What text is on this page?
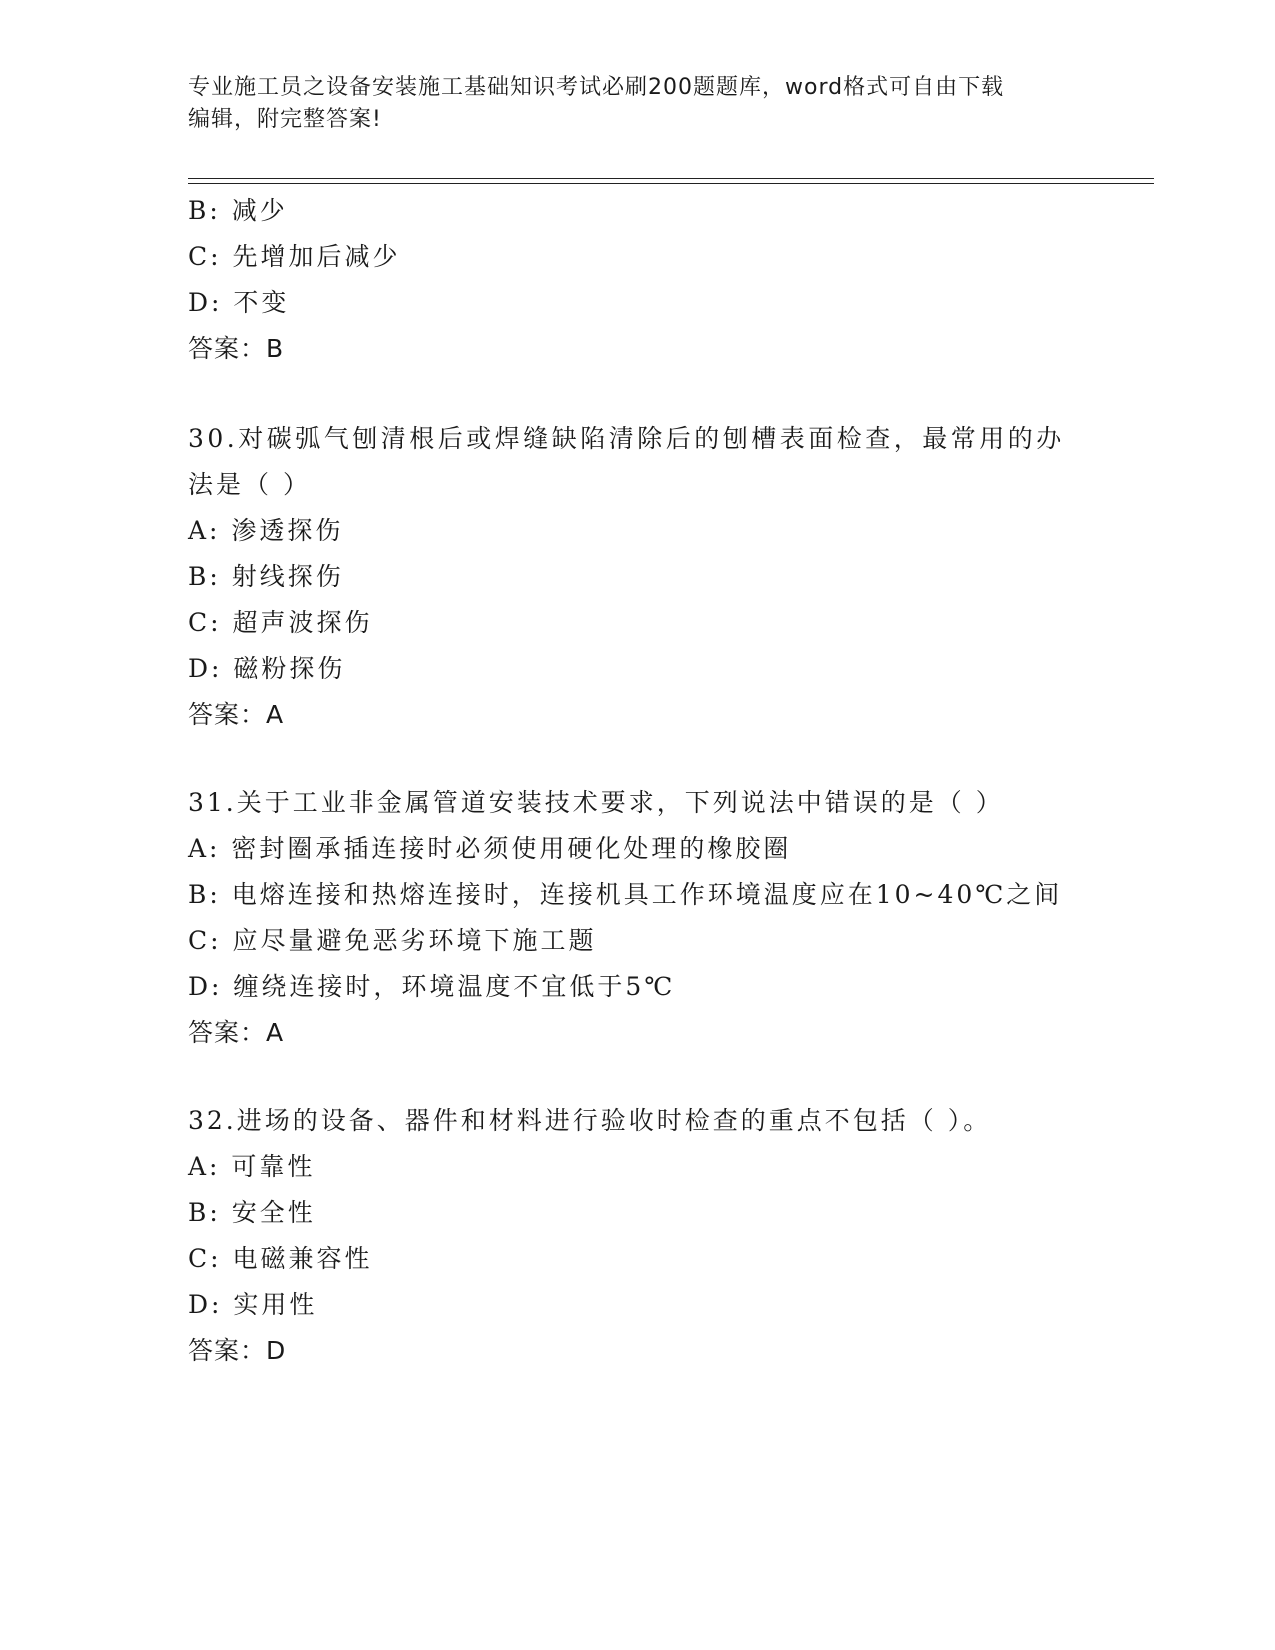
专业施工员之设备安装施工基础知识考试必刷200题题库，word格式可自由下载
编辑，附完整答案!
B: 减少
C: 先增加后减少
D: 不变
答案：B
30.对碳弧气刨清根后或焊缝缺陷清除后的刨槽表面检查，最常用的办
法是（ ）
A: 渗透探伤
B: 射线探伤
C: 超声波探伤
D: 磁粉探伤
答案：A
31.关于工业非金属管道安装技术要求，下列说法中错误的是（ ）
A: 密封圈承插连接时必须使用硬化处理的橡胶圈
B: 电熔连接和热熔连接时，连接机具工作环境温度应在10~40℃之间
C: 应尽量避免恶劣环境下施工题
D: 缠绕连接时，环境温度不宜低于5℃
答案：A
32.进场的设备、器件和材料进行验收时检查的重点不包括（ ）。
A: 可靠性
B: 安全性
C: 电磁兼容性
D: 实用性
答案：D
